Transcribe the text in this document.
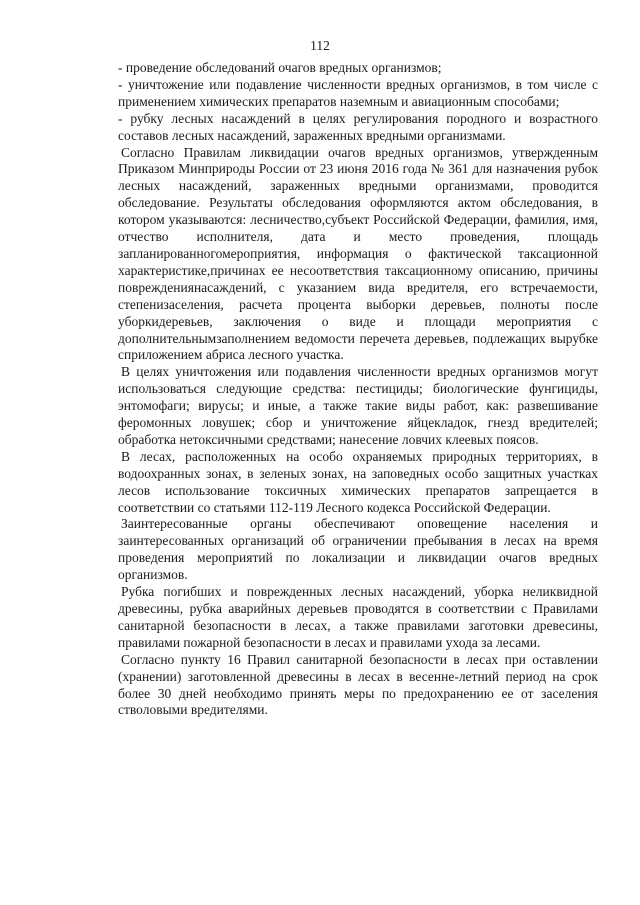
112

- проведение обследований очагов вредных организмов;

- уничтожение или подавление численности вредных организмов, в том числе с применением химических препаратов наземным и авиационным способами;

- рубку лесных насаждений в целях регулирования породного и возрастного составов лесных насаждений, зараженных вредными организмами.

Согласно Правилам ликвидации очагов вредных организмов, утвержденным Приказом Минприроды России от 23 июня 2016 года № 361 для назначения рубок лесных насаждений, зараженных вредными организмами, проводится обследование. Результаты обследования оформляются актом обследования, в котором указываются: лесничество,субъект Российской Федерации, фамилия, имя, отчество исполнителя, дата и место проведения, площадь запланированногомероприятия, информация о фактической таксационной характеристике,причинах ее несоответствия таксационному описанию, причины повреждениянасаждений, с указанием вида вредителя, его встречаемости, степенизаселения, расчета процента выборки деревьев, полноты после уборкидеревьев, заключения о виде и площади мероприятия с дополнительнымзаполнением ведомости перечета деревьев, подлежащих вырубке сприложением абриса лесного участка.

В целях уничтожения или подавления численности вредных организмов могут использоваться следующие средства: пестициды; биологические фунгициды, энтомофаги; вирусы; и иные, а также такие виды работ, как: развешивание феромонных ловушек; сбор и уничтожение яйцекладок, гнезд вредителей; обработка нетоксичными средствами; нанесение ловчих клеевых поясов.

В лесах, расположенных на особо охраняемых природных территориях, в водоохранных зонах, в зеленых зонах, на заповедных особо защитных участках лесов использование токсичных химических препаратов запрещается в соответствии со статьями 112-119 Лесного кодекса Российской Федерации.

Заинтересованные органы обеспечивают оповещение населения и заинтересованных организаций об ограничении пребывания в лесах на время проведения мероприятий по локализации и ликвидации очагов вредных организмов.

Рубка погибших и поврежденных лесных насаждений, уборка неликвидной древесины, рубка аварийных деревьев проводятся в соответствии с Правилами санитарной безопасности в лесах, а также правилами заготовки древесины, правилами пожарной безопасности в лесах и правилами ухода за лесами.

Согласно пункту 16 Правил санитарной безопасности в лесах при оставлении (хранении) заготовленной древесины в лесах в весенне-летний период на срок более 30 дней необходимо принять меры по предохранению ее от заселения стволовыми вредителями.
